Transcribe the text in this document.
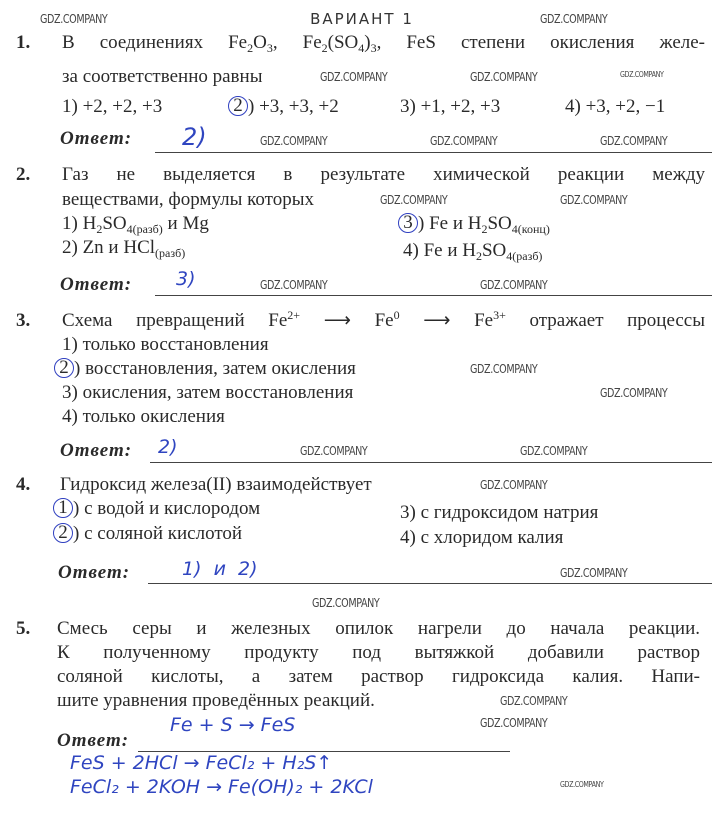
ВАРИАНТ 1
1. В соединениях $Fe_2O_3$, $Fe_2(SO_4)_3$, FeS степени окисления желе-
за соответственно равны
1) +2, +2, +3	2 ) +3, +3, +2	3) +1, +2, +3	4) +3, +2, −1
Ответ: 2)
2. Газ не выделяется в результате химической реакции между
веществами, формулы которых
1) $H_2SO_{4(разб)}$ и Mg
2) Zn и HCl$_{(разб)}$
3 ) Fe и $H_2SO_{4(конц)}$
4) Fe и $H_2SO_{4(разб)}$
Ответ: 3)
3. Схема превращений $Fe^{2+}$ ⟶ Fe$^0$ ⟶ $Fe^{3+}$ отражает процессы
1) только восстановления
2 ) восстановления, затем окисления
3) окисления, затем восстановления
4) только окисления
Ответ: 2)
4. Гидроксид железа(II) взаимодействует
1 ) с водой и кислородом
2 ) с соляной кислотой
3) с гидроксидом натрия
4) с хлоридом калия
Ответ:	1)  и  2)
5. Смесь серы и железных опилок нагрели до начала реакции.
К полученному продукту под вытяжкой добавили раствор
соляной кислоты, а затем раствор гидроксида калия. Напи-
шите уравнения проведённых реакций.
Ответ:
Fe + S → FeS
FeS + 2HCl → FeCl₂ + H₂S↑
FeCl₂ + 2KOH → Fe(OH)₂ + 2KCl
GDZ.COMPANY	GDZ.COMPANY
GDZ.COMPANY	GDZ.COMPANY	GDZ.COMPANY
GDZ.COMPANY	GDZ.COMPANY	GDZ.COMPANY
GDZ.COMPANY	GDZ.COMPANY
GDZ.COMPANY	GDZ.COMPANY
GDZ.COMPANY
GDZ.COMPANY
GDZ.COMPANY	GDZ.COMPANY
GDZ.COMPANY
GDZ.COMPANY
GDZ.COMPANY
GDZ.COMPANY
GDZ.COMPANY
GDZ.COMPANY
